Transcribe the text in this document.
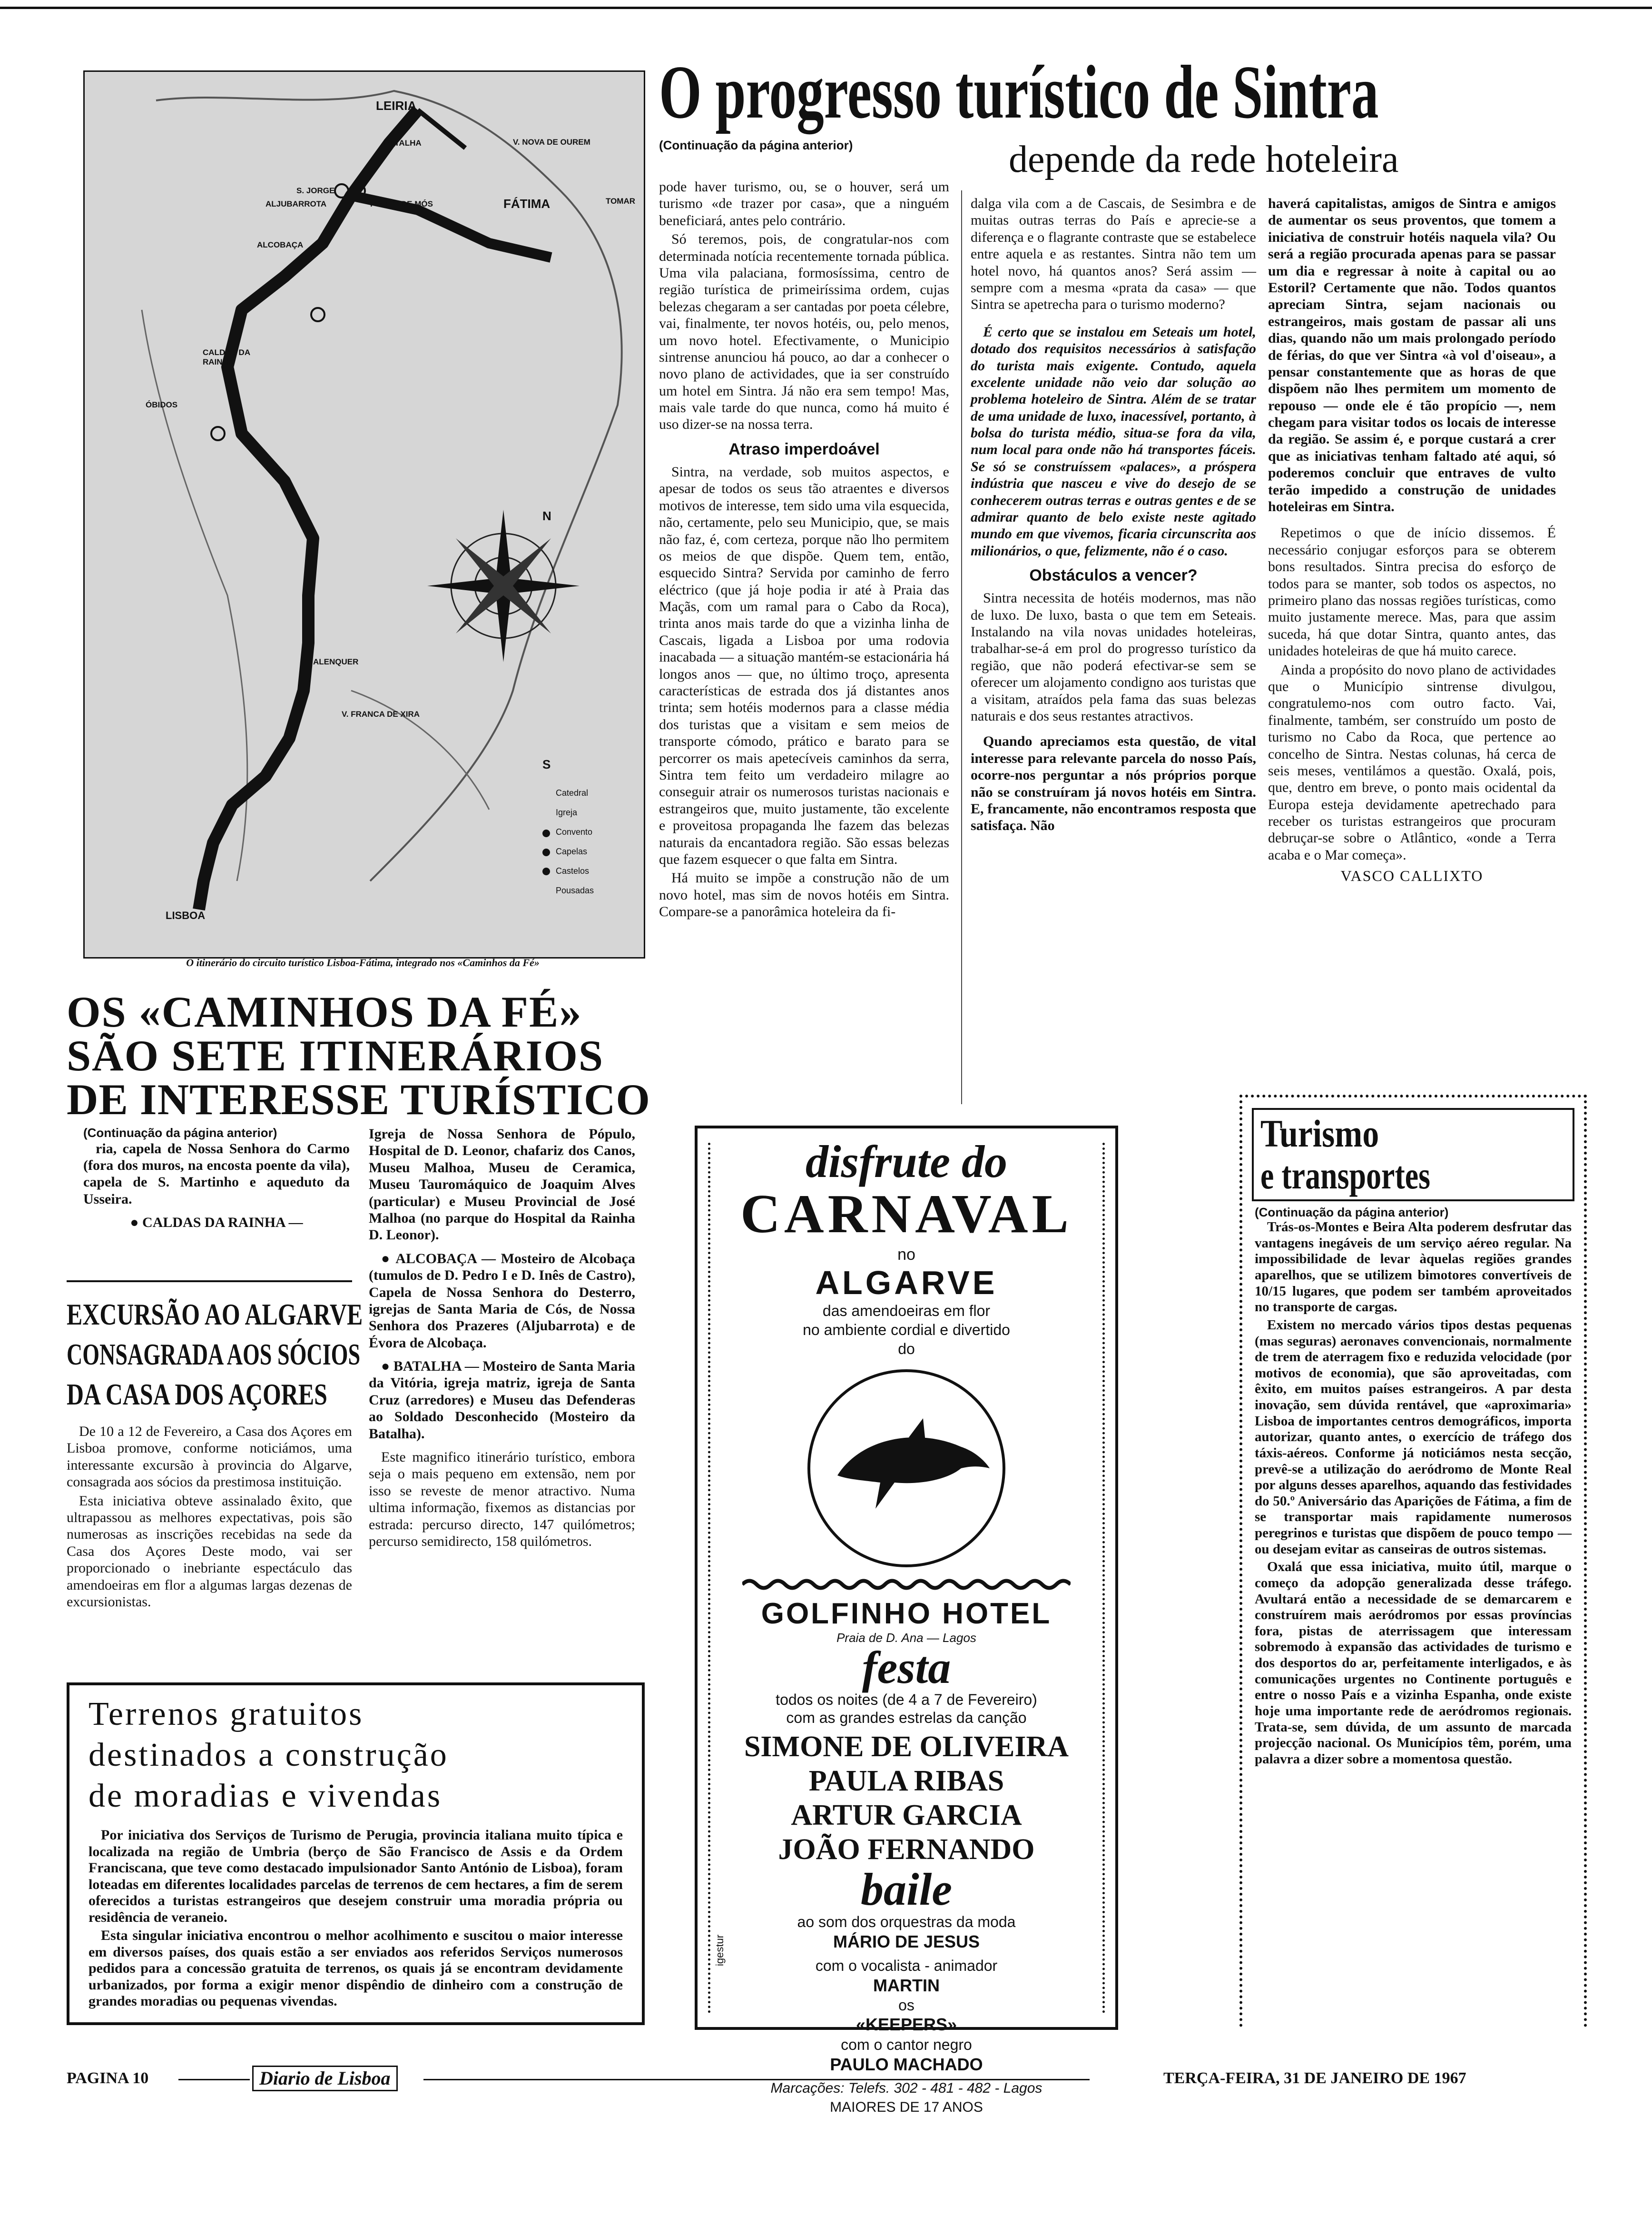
LEIRIA
BATALHA	V. NOVA DE OUREM
S. JORGE
ALJUBARROTA	PORTO DE MÓS	FÁTIMA	TOMAR
ALCOBAÇA
CALDAS DA RAINHA
ÓBIDOS
ALENQUER
V. FRANCA DE XIRA
LISBOA
N
S
Catedral
Igreja
Convento
Capelas
Castelos
Pousadas
O itinerário do circuito turístico Lisboa-Fátima, integrado nos «Caminhos da Fé»
OS «CAMINHOS DA FÉ»
SÃO SETE ITINERÁRIOS
DE INTERESSE TURÍSTICO
(Continuação da página anterior)

ria, capela de Nossa Senhora do Carmo (fora dos muros, na encosta poente da vila), capela de S. Martinho e aqueduto da Usseira.

● CALDAS DA RAINHA —

Igreja de Nossa Senhora de Pópulo, Hospital de D. Leonor, chafariz dos Canos, Museu Malhoa, Museu de Ceramica, Museu Tauromáquico de Joaquim Alves (particular) e Museu Provincial de José Malhoa (no parque do Hospital da Rainha D. Leonor).

● ALCOBAÇA — Mosteiro de Alcobaça (tumulos de D. Pedro I e D. Inês de Castro), Capela de Nossa Senhora do Desterro, igrejas de Santa Maria de Cós, de Nossa Senhora dos Prazeres (Aljubarrota) e de Évora de Alcobaça.

● BATALHA — Mosteiro de Santa Maria da Vitória, igreja matriz, igreja de Santa Cruz (arredores) e Museu das Defenderas ao Soldado Desconhecido (Mosteiro da Batalha).

Este magnifico itinerário turístico, embora seja o mais pequeno em extensão, nem por isso se reveste de menor atractivo. Numa ultima informação, fixemos as distancias por estrada: percurso directo, 147 quilómetros; percurso semidirecto, 158 quilómetros.

EXCURSÃO AO ALGARVE
CONSAGRADA AOS SÓCIOS
DA CASA DOS AÇORES

De 10 a 12 de Fevereiro, a Casa dos Açores em Lisboa promove, conforme noticiámos, uma interessante excursão à provincia do Algarve, consagrada aos sócios da prestimosa instituição.

Esta iniciativa obteve assinalado êxito, que ultrapassou as melhores expectativas, pois são numerosas as inscrições recebidas na sede da Casa dos Açores Deste modo, vai ser proporcionado o inebriante espectáculo das amendoeiras em flor a algumas largas dezenas de excursionistas.

Terrenos gratuitos
destinados a construção
de moradias e vivendas

Por iniciativa dos Serviços de Turismo de Perugia, provincia italiana muito típica e localizada na região de Umbria (berço de São Francisco de Assis e da Ordem Franciscana, que teve como destacado impulsionador Santo António de Lisboa), foram loteadas em diferentes localidades parcelas de terrenos de cem hectares, a fim de serem oferecidos a turistas estrangeiros que desejem construir uma moradia própria ou residência de veraneio.

Esta singular iniciativa encontrou o melhor acolhimento e suscitou o maior interesse em diversos países, dos quais estão a ser enviados aos referidos Serviços numerosos pedidos para a concessão gratuita de terrenos, os quais já se encontram devidamente urbanizados, por forma a exigir menor dispêndio de dinheiro com a construção de grandes moradias ou pequenas vivendas.

O progresso turístico de Sintra
(Continuação da página anterior)	depende da rede hoteleira

pode haver turismo, ou, se o houver, será um turismo «de trazer por casa», que a ninguém beneficiará, antes pelo contrário.

Só teremos, pois, de congratular-nos com determinada notícia recentemente tornada pública. Uma vila palaciana, formosíssima, centro de região turística de primeiríssima ordem, cujas belezas chegaram a ser cantadas por poeta célebre, vai, finalmente, ter novos hotéis, ou, pelo menos, um novo hotel. Efectivamente, o Municipio sintrense anunciou há pouco, ao dar a conhecer o novo plano de actividades, que ia ser construído um hotel em Sintra. Já não era sem tempo! Mas, mais vale tarde do que nunca, como há muito é uso dizer-se na nossa terra.

Atraso imperdoável

Sintra, na verdade, sob muitos aspectos, e apesar de todos os seus tão atraentes e diversos motivos de interesse, tem sido uma vila esquecida, não, certamente, pelo seu Municipio, que, se mais não faz, é, com certeza, porque não lho permitem os meios de que dispõe. Quem tem, então, esquecido Sintra? Servida por caminho de ferro eléctrico (que já hoje podia ir até à Praia das Maçãs, com um ramal para o Cabo da Roca), trinta anos mais tarde do que a vizinha linha de Cascais, ligada a Lisboa por uma rodovia inacabada — a situação mantém-se estacionária há longos anos — que, no último troço, apresenta características de estrada dos já distantes anos trinta; sem hotéis modernos para a classe média dos turistas que a visitam e sem meios de transporte cómodo, prático e barato para se percorrer os mais apetecíveis caminhos da serra, Sintra tem feito um verdadeiro milagre ao conseguir atrair os numerosos turistas nacionais e estrangeiros que, muito justamente, tão excelente e proveitosa propaganda lhe fazem das belezas naturais da encantadora região. São essas belezas que fazem esquecer o que falta em Sintra.

Há muito se impõe a construção não de um novo hotel, mas sim de novos hotéis em Sintra. Compare-se a panorâmica hoteleira da fi-

dalga vila com a de Cascais, de Sesimbra e de muitas outras terras do País e aprecie-se a diferença e o flagrante contraste que se estabelece entre aquela e as restantes. Sintra não tem um hotel novo, há quantos anos? Será assim — sempre com a mesma «prata da casa» — que Sintra se apetrecha para o turismo moderno?

É certo que se instalou em Seteais um hotel, dotado dos requisitos necessários à satisfação do turista mais exigente. Contudo, aquela excelente unidade não veio dar solução ao problema hoteleiro de Sintra. Além de se tratar de uma unidade de luxo, inacessível, portanto, à bolsa do turista médio, situa-se fora da vila, num local para onde não há transportes fáceis. Se só se construíssem «palaces», a próspera indústria que nasceu e vive do desejo de se conhecerem outras terras e outras gentes e de se admirar quanto de belo existe neste agitado mundo em que vivemos, ficaria circunscrita aos milionários, o que, felizmente, não é o caso.

Obstáculos a vencer?

Sintra necessita de hotéis modernos, mas não de luxo. De luxo, basta o que tem em Seteais. Instalando na vila novas unidades hoteleiras, trabalhar-se-á em prol do progresso turístico da região, que não poderá efectivar-se sem se oferecer um alojamento condigno aos turistas que a visitam, atraídos pela fama das suas belezas naturais e dos seus restantes atractivos.

Quando apreciamos esta questão, de vital interesse para relevante parcela do nosso País, ocorre-nos perguntar a nós próprios porque não se construíram já novos hotéis em Sintra. E, francamente, não encontramos resposta que satisfaça. Não

haverá capitalistas, amigos de Sintra e amigos de aumentar os seus proventos, que tomem a iniciativa de construir hotéis naquela vila? Ou será a região procurada apenas para se passar um dia e regressar à noite à capital ou ao Estoril? Certamente que não. Todos quantos apreciam Sintra, sejam nacionais ou estrangeiros, mais gostam de passar ali uns dias, quando não um mais prolongado período de férias, do que ver Sintra «à vol d'oiseau», a pensar constantemente que as horas de que dispõem não lhes permitem um momento de repouso — onde ele é tão propício —, nem chegam para visitar todos os locais de interesse da região. Se assim é, e porque custará a crer que as iniciativas tenham faltado até aqui, só poderemos concluir que entraves de vulto terão impedido a construção de unidades hoteleiras em Sintra.

Repetimos o que de início dissemos. É necessário conjugar esforços para se obterem bons resultados. Sintra precisa do esforço de todos para se manter, sob todos os aspectos, no primeiro plano das nossas regiões turísticas, como muito justamente merece. Mas, para que assim suceda, há que dotar Sintra, quanto antes, das unidades hoteleiras de que há muito carece.

Ainda a propósito do novo plano de actividades que o Município sintrense divulgou, congratulemo-nos com outro facto. Vai, finalmente, também, ser construído um posto de turismo no Cabo da Roca, que pertence ao concelho de Sintra. Nestas colunas, há cerca de seis meses, ventilámos a questão. Oxalá, pois, que, dentro em breve, o ponto mais ocidental da Europa esteja devidamente apetrechado para receber os turistas estrangeiros que procuram debruçar-se sobre o Atlântico, «onde a Terra acaba e o Mar começa».

VASCO CALLIXTO
disfrute do
CARNAVAL
no
ALGARVE
das amendoeiras em flor
no ambiente cordial e divertido
do
GOLFINHO HOTEL
Praia de D. Ana — Lagos
festa
todos os noites (de 4 a 7 de Fevereiro)
com as grandes estrelas da canção
SIMONE DE OLIVEIRA
PAULA RIBAS
ARTUR GARCIA
JOÃO FERNANDO
baile
ao som dos orquestras da moda
MÁRIO DE JESUS
com o vocalista - animador
MARTIN
os
«KEEPERS»
com o cantor negro
PAULO MACHADO
Marcações: Telefs. 302 - 481 - 482 - Lagos
MAIORES DE 17 ANOS
igestur
Turismo
e transportes
(Continuação da página anterior)

Trás-os-Montes e Beira Alta poderem desfrutar das vantagens inegáveis de um serviço aéreo regular. Na impossibilidade de levar àquelas regiões grandes aparelhos, que se utilizem bimotores convertíveis de 10/15 lugares, que podem ser também aproveitados no transporte de cargas.

Existem no mercado vários tipos destas pequenas (mas seguras) aeronaves convencionais, normalmente de trem de aterragem fixo e reduzida velocidade (por motivos de economia), que são aproveitadas, com êxito, em muitos países estrangeiros. A par desta inovação, sem dúvida rentável, que «aproximaria» Lisboa de importantes centros demográficos, importa autorizar, quanto antes, o exercício de tráfego dos táxis-aéreos. Conforme já noticiámos nesta secção, prevê-se a utilização do aeródromo de Monte Real por alguns desses aparelhos, aquando das festividades do 50.º Aniversário das Aparições de Fátima, a fim de se transportar mais rapidamente numerosos peregrinos e turistas que dispõem de pouco tempo — ou desejam evitar as canseiras de outros sistemas.

Oxalá que essa iniciativa, muito útil, marque o começo da adopção generalizada desse tráfego. Avultará então a necessidade de se demarcarem e construírem mais aeródromos por essas províncias fora, pistas de aterrissagem que interessam sobremodo à expansão das actividades de turismo e dos desportos do ar, perfeitamente interligados, e às comunicações urgentes no Continente português e entre o nosso País e a vizinha Espanha, onde existe hoje uma importante rede de aeródromos regionais. Trata-se, sem dúvida, de um assunto de marcada projecção nacional. Os Municípios têm, porém, uma palavra a dizer sobre a momentosa questão.

PAGINA 10	Diario de Lisboa	TERÇA-FEIRA, 31 DE JANEIRO DE 1967
